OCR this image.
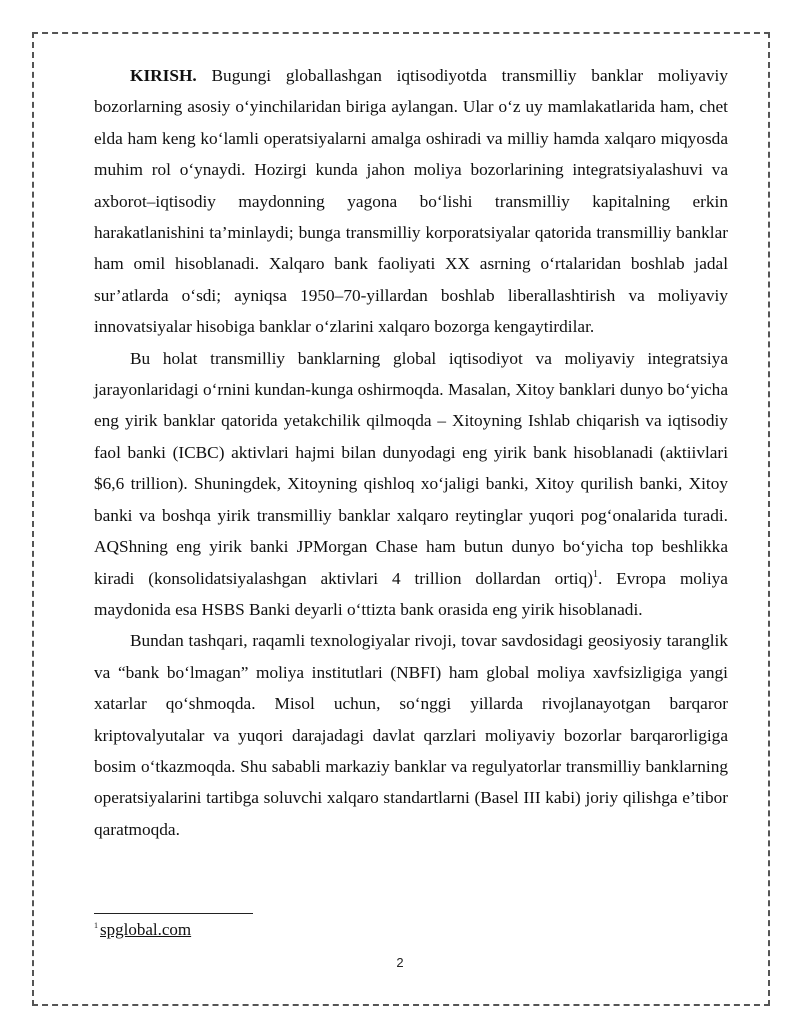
KIRISH. Bugungi globallashgan iqtisodiyotda transmilliy banklar moliyaviy bozorlarning asosiy o‘yinchilaridan biriga aylangan. Ular o‘z uy mamlakatlarida ham, chet elda ham keng ko‘lamli operatsiyalarni amalga oshiradi va milliy hamda xalqaro miqyosda muhim rol o‘ynaydi. Hozirgi kunda jahon moliya bozorlarining integratsiyalashuvi va axborot–iqtisodiy maydonning yagona bo‘lishi transmilliy kapitalning erkin harakatlanishini ta’minlaydi; bunga transmilliy korporatsiyalar qatorida transmilliy banklar ham omil hisoblanadi. Xalqaro bank faoliyati XX asrning o‘rtalaridan boshlab jadal sur’atlarda o‘sdi; ayniqsa 1950–70-yillardan boshlab liberallashtirish va moliyaviy innovatsiyalar hisobiga banklar o‘zlarini xalqaro bozorga kengaytirdilar.

Bu holat transmilliy banklarning global iqtisodiyot va moliyaviy integratsiya jarayonlaridagi o‘rnini kundan-kunga oshirmoqda. Masalan, Xitoy banklari dunyo bo‘yicha eng yirik banklar qatorida yetakchilik qilmoqda – Xitoyning Ishlab chiqarish va iqtisodiy faol banki (ICBC) aktivlari hajmi bilan dunyodagi eng yirik bank hisoblanadi (aktiivlari $6,6 trillion). Shuningdek, Xitoyning qishloq xo‘jaligi banki, Xitoy qurilish banki, Xitoy banki va boshqa yirik transmilliy banklar xalqaro reytinglar yuqori pog‘onalarida turadi. AQShning eng yirik banki JPMorgan Chase ham butun dunyo bo‘yicha top beshlikka kiradi (konsolidatsiyalashgan aktivlari 4 trillion dollardan ortiq)$^1$. Evropa moliya maydonida esa HSBS Banki deyarli o‘ttizta bank orasida eng yirik hisoblanadi.

Bundan tashqari, raqamli texnologiyalar rivoji, tovar savdosidagi geosiyosiy taranglik va “bank bo‘lmagan” moliya institutlari (NBFI) ham global moliya xavfsizligiga yangi xatarlar qo‘shmoqda. Misol uchun, so‘nggi yillarda rivojlanayotgan barqaror kriptovalyutalar va yuqori darajadagi davlat qarzlari moliyaviy bozorlar barqarorligiga bosim o‘tkazmoqda. Shu sababli markaziy banklar va regulyatorlar transmilliy banklarning operatsiyalarini tartibga soluvchi xalqaro standartlarni (Basel III kabi) joriy qilishga e’tibor qaratmoqda.

$^1$ spglobal.com
2
